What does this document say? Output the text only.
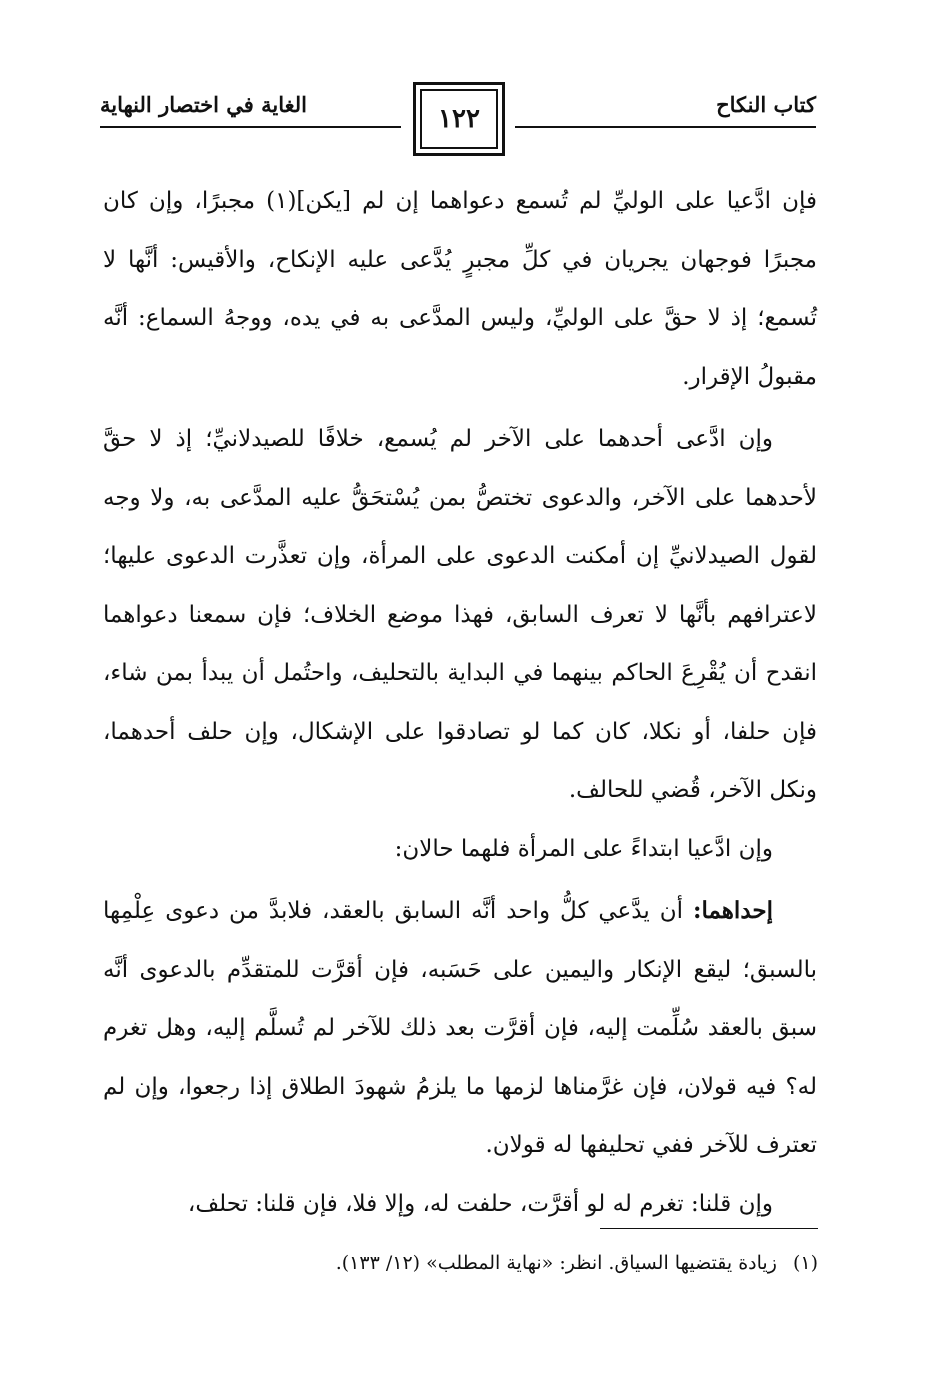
كتاب النكاح
الغاية في اختصار النهاية	١٢٢

فإن ادَّعيا على الوليِّ لم تُسمع دعواهما إن لم [يكن](١) مجبرًا، وإن كان مجبرًا فوجهان يجريان في كلِّ مجبرٍ يُدَّعى عليه الإنكاح، والأقيس: أنَّها لا تُسمع؛ إذ لا حقَّ على الوليِّ، وليس المدَّعى به في يده، ووجهُ السماع: أنَّه مقبولُ الإقرار.

وإن ادَّعى أحدهما على الآخر لم يُسمع، خلافًا للصيدلانيِّ؛ إذ لا حقَّ لأحدهما على الآخر، والدعوى تختصُّ بمن يُسْتحَقُّ عليه المدَّعى به، ولا وجه لقول الصيدلانيِّ إن أمكنت الدعوى على المرأة، وإن تعذَّرت الدعوى عليها؛ لاعترافهم بأنَّها لا تعرف السابق، فهذا موضع الخلاف؛ فإن سمعنا دعواهما انقدح أن يُقْرِعَ الحاكم بينهما في البداية بالتحليف، واحتُمل أن يبدأ بمن شاء، فإن حلفا، أو نكلا، كان كما لو تصادقوا على الإشكال، وإن حلف أحدهما، ونكل الآخر، قُضي للحالف.

وإن ادَّعيا ابتداءً على المرأة فلهما حالان:

إحداهما: أن يدَّعي كلُّ واحد أنَّه السابق بالعقد، فلابدَّ من دعوى عِلْمِها بالسبق؛ ليقع الإنكار واليمين على حَسَبه، فإن أقرَّت للمتقدِّم بالدعوى أنَّه سبق بالعقد سُلِّمت إليه، فإن أقرَّت بعد ذلك للآخر لم تُسلَّم إليه، وهل تغرم له؟ فيه قولان، فإن غرَّمناها لزمها ما يلزمُ شهودَ الطلاق إذا رجعوا، وإن لم تعترف للآخر ففي تحليفها له قولان.

وإن قلنا: تغرم له لو أقرَّت، حلفت له، وإلا فلا، فإن قلنا: تحلف،

(١) زيادة يقتضيها السياق. انظر: «نهاية المطلب» (١٢/ ١٣٣).
